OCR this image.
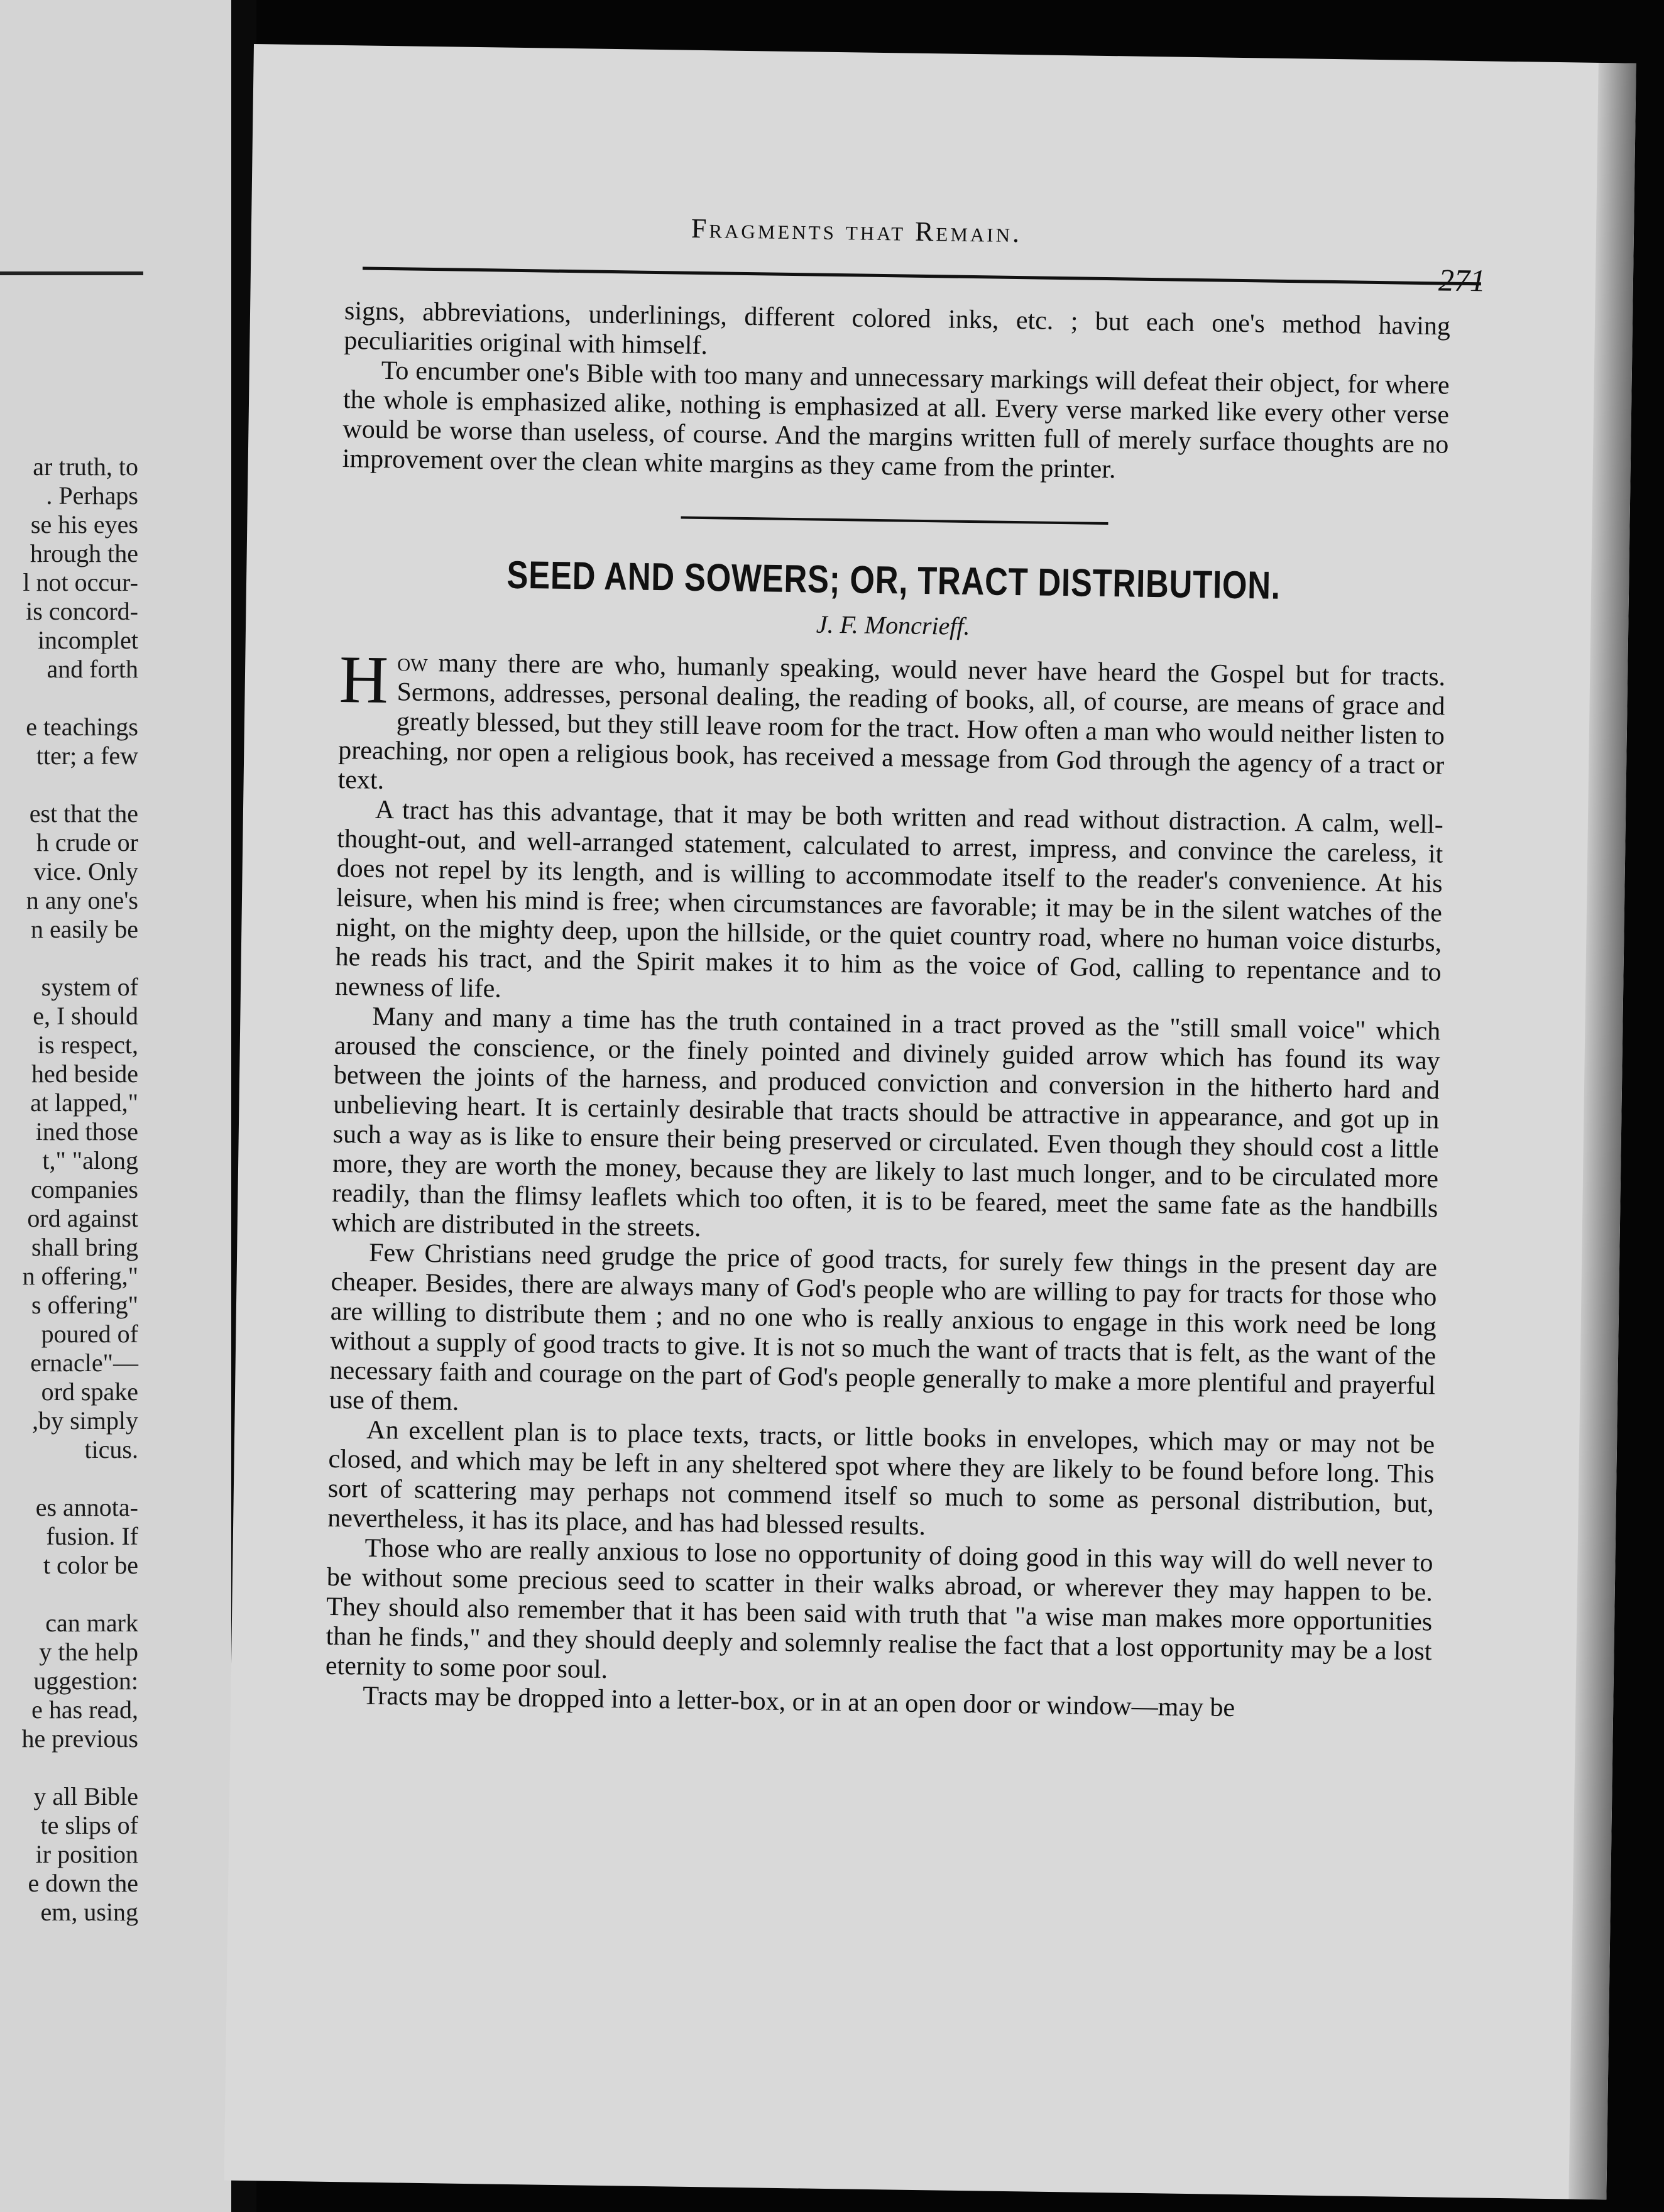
ar truth, to
. Perhaps
se his eyes
hrough the
l not occur-
is concord-
incomplet
and forth

e teachings
tter; a few

est that the
h crude or
vice. Only
n any one's
n easily be

system of
e, I should
is respect,
hed beside
at lapped,"
ined those
t," "along
companies
ord against
shall bring
n offering,"
s offering"
poured of
ernacle"—
ord spake
,by simply
ticus.

es annota-
fusion. If
t color be

can mark
y the help
uggestion:
e has read,
he previous

y all Bible
te slips of
ir position
e down the
em, using
Fragments that Remain.
271

signs, abbreviations, underlinings, different colored inks, etc. ; but each one's method having peculiarities original with himself.

To encumber one's Bible with too many and unnecessary markings will defeat their object, for where the whole is emphasized alike, nothing is emphasized at all. Every verse marked like every other verse would be worse than useless, of course. And the margins written full of merely surface thoughts are no improvement over the clean white margins as they came from the printer.

SEED AND SOWERS; OR, TRACT DISTRIBUTION.
J. F. Moncrieff.

How many there are who, humanly speaking, would never have heard the Gospel but for tracts. Sermons, addresses, personal dealing, the reading of books, all, of course, are means of grace and greatly blessed, but they still leave room for the tract. How often a man who would neither listen to preaching, nor open a religious book, has received a message from God through the agency of a tract or text.

A tract has this advantage, that it may be both written and read without distraction. A calm, well-thought-out, and well-arranged statement, calculated to arrest, impress, and convince the careless, it does not repel by its length, and is willing to accommodate itself to the reader's convenience. At his leisure, when his mind is free; when circumstances are favorable; it may be in the silent watches of the night, on the mighty deep, upon the hillside, or the quiet country road, where no human voice disturbs, he reads his tract, and the Spirit makes it to him as the voice of God, calling to repentance and to newness of life.

Many and many a time has the truth contained in a tract proved as the "still small voice" which aroused the conscience, or the finely pointed and divinely guided arrow which has found its way between the joints of the harness, and produced conviction and conversion in the hitherto hard and unbelieving heart. It is certainly desirable that tracts should be attractive in appearance, and got up in such a way as is like to ensure their being preserved or circulated. Even though they should cost a little more, they are worth the money, because they are likely to last much longer, and to be circulated more readily, than the flimsy leaflets which too often, it is to be feared, meet the same fate as the handbills which are distributed in the streets.

Few Christians need grudge the price of good tracts, for surely few things in the present day are cheaper. Besides, there are always many of God's people who are willing to pay for tracts for those who are willing to distribute them ; and no one who is really anxious to engage in this work need be long without a supply of good tracts to give. It is not so much the want of tracts that is felt, as the want of the necessary faith and courage on the part of God's people generally to make a more plentiful and prayerful use of them.

An excellent plan is to place texts, tracts, or little books in envelopes, which may or may not be closed, and which may be left in any sheltered spot where they are likely to be found before long. This sort of scattering may perhaps not commend itself so much to some as personal distribution, but, nevertheless, it has its place, and has had blessed results.

Those who are really anxious to lose no opportunity of doing good in this way will do well never to be without some precious seed to scatter in their walks abroad, or wherever they may happen to be. They should also remember that it has been said with truth that "a wise man makes more opportunities than he finds," and they should deeply and solemnly realise the fact that a lost opportunity may be a lost eternity to some poor soul.

Tracts may be dropped into a letter-box, or in at an open door or window—may be
